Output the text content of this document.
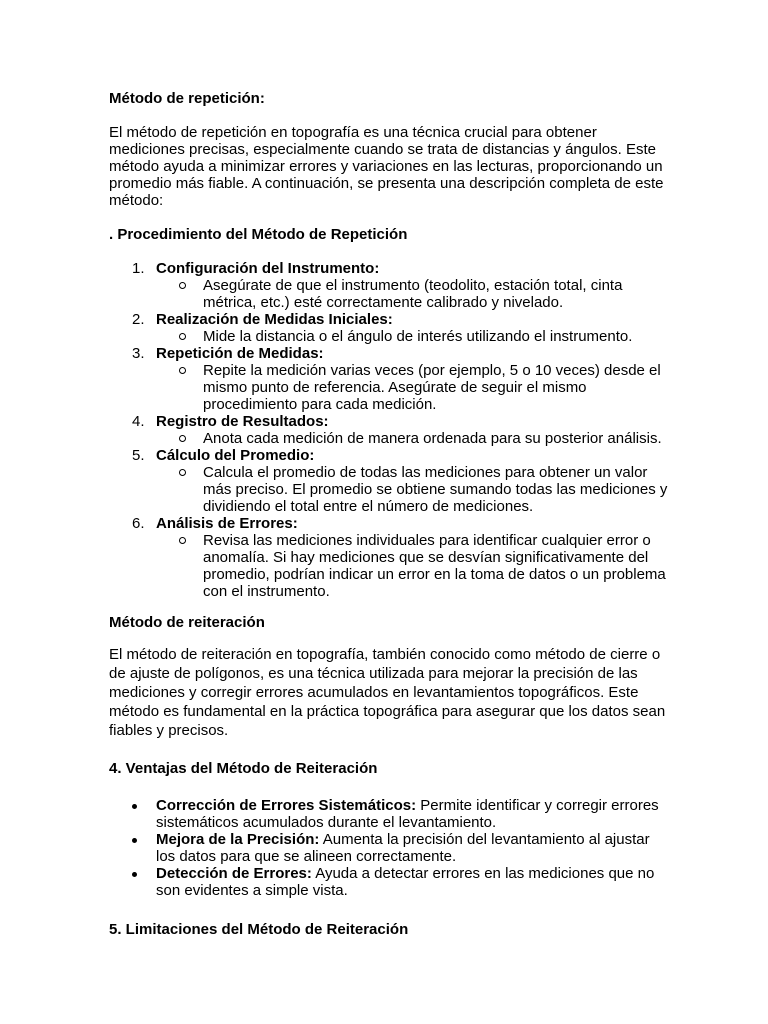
Método de repetición:

El método de repetición en topografía es una técnica crucial para obtener mediciones precisas, especialmente cuando se trata de distancias y ángulos. Este método ayuda a minimizar errores y variaciones en las lecturas, proporcionando un promedio más fiable. A continuación, se presenta una descripción completa de este método:

. Procedimiento del Método de Repetición

1. Configuración del Instrumento:
Asegúrate de que el instrumento (teodolito, estación total, cinta métrica, etc.) esté correctamente calibrado y nivelado.
2. Realización de Medidas Iniciales:
Mide la distancia o el ángulo de interés utilizando el instrumento.
3. Repetición de Medidas:
Repite la medición varias veces (por ejemplo, 5 o 10 veces) desde el mismo punto de referencia. Asegúrate de seguir el mismo procedimiento para cada medición.
4. Registro de Resultados:
Anota cada medición de manera ordenada para su posterior análisis.
5. Cálculo del Promedio:
Calcula el promedio de todas las mediciones para obtener un valor más preciso. El promedio se obtiene sumando todas las mediciones y dividiendo el total entre el número de mediciones.
6. Análisis de Errores:
Revisa las mediciones individuales para identificar cualquier error o anomalía. Si hay mediciones que se desvían significativamente del promedio, podrían indicar un error en la toma de datos o un problema con el instrumento.

Método de reiteración

El método de reiteración en topografía, también conocido como método de cierre o de ajuste de polígonos, es una técnica utilizada para mejorar la precisión de las mediciones y corregir errores acumulados en levantamientos topográficos. Este método es fundamental en la práctica topográfica para asegurar que los datos sean fiables y precisos.

4. Ventajas del Método de Reiteración

Corrección de Errores Sistemáticos: Permite identificar y corregir errores sistemáticos acumulados durante el levantamiento.
Mejora de la Precisión: Aumenta la precisión del levantamiento al ajustar los datos para que se alineen correctamente.
Detección de Errores: Ayuda a detectar errores en las mediciones que no son evidentes a simple vista.

5. Limitaciones del Método de Reiteración
